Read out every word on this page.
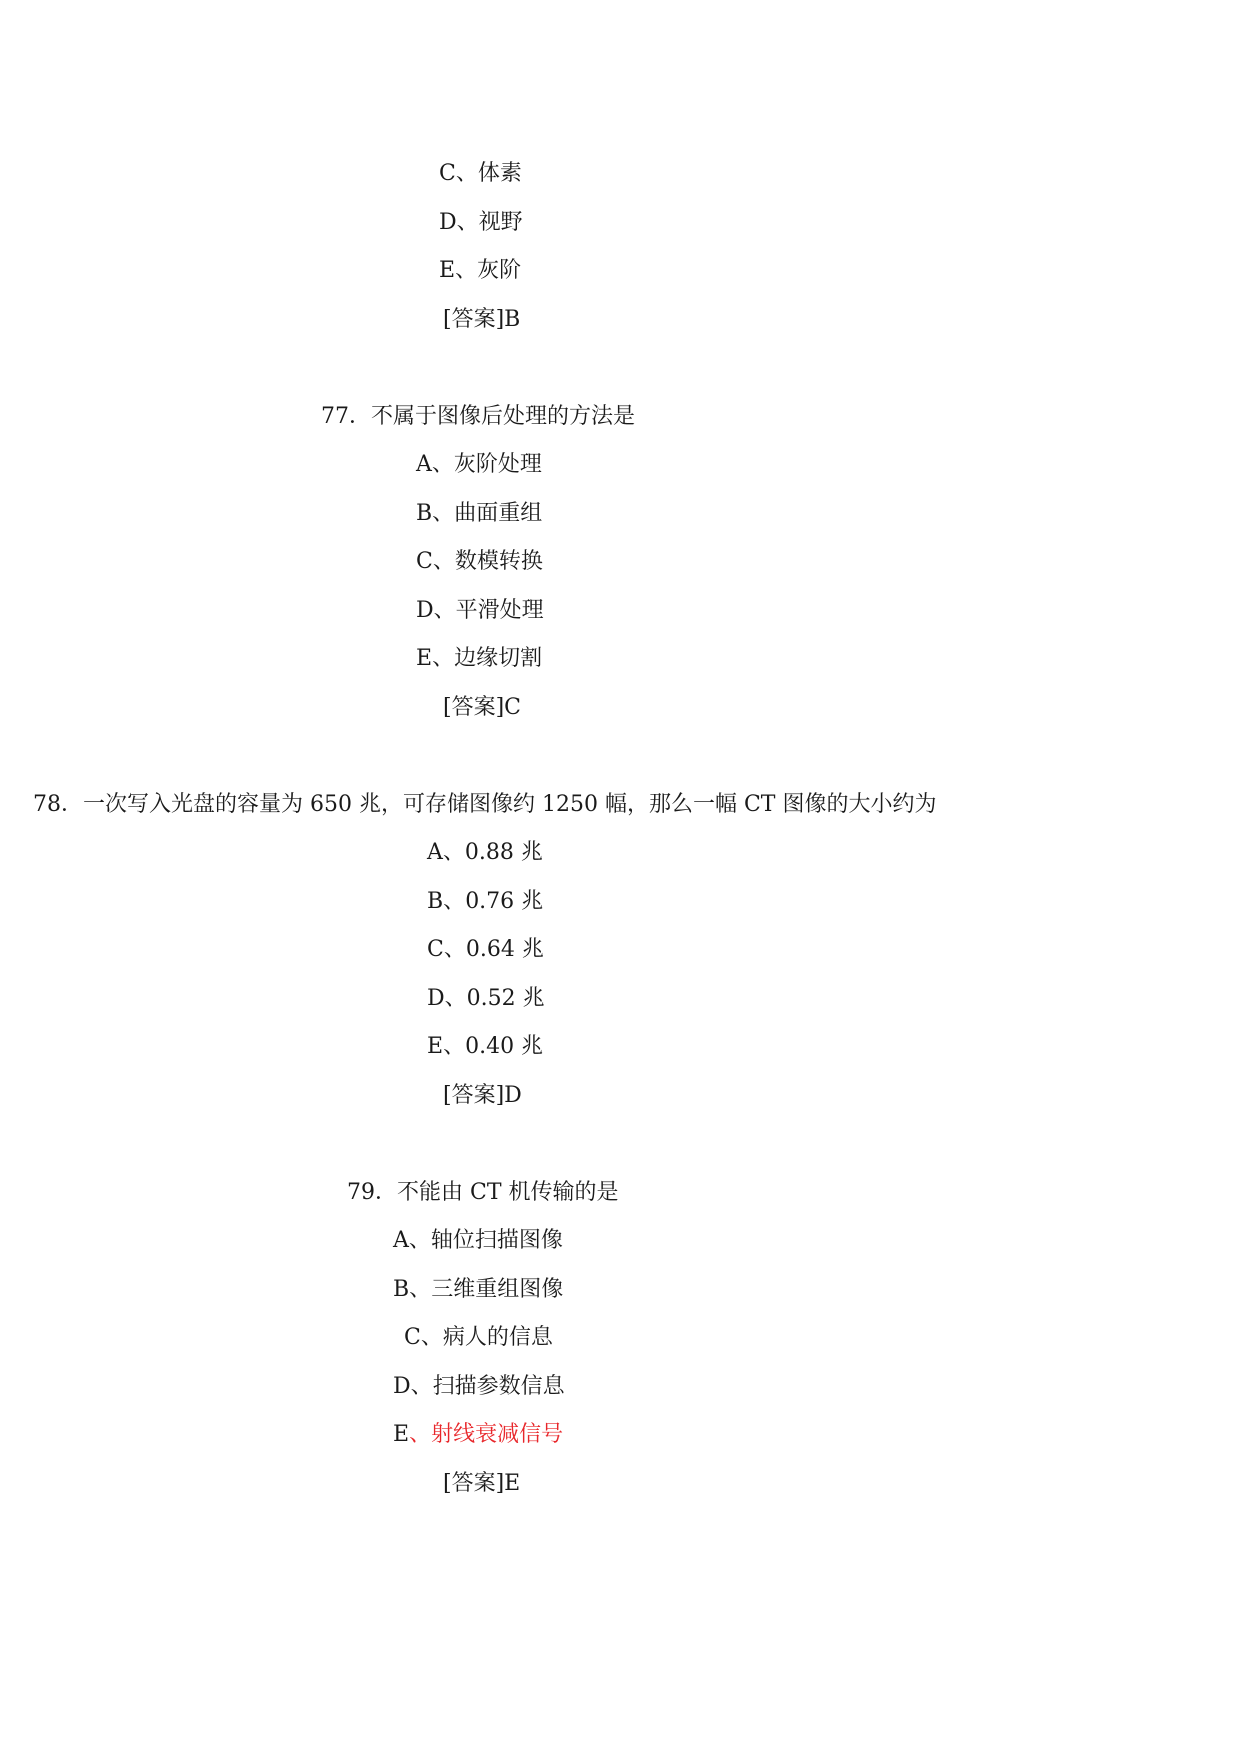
C、体素
D、视野
E、灰阶
[答案]B
77．不属于图像后处理的方法是
A、灰阶处理
B、曲面重组
C、数模转换
D、平滑处理
E、边缘切割
[答案]C
78．一次写入光盘的容量为 650 兆，可存储图像约 1250 幅，那么一幅 CT 图像的大小约为
A、0.88 兆
B、0.76 兆
C、0.64 兆
D、0.52 兆
E、0.40 兆
[答案]D
79．不能由 CT 机传输的是
A、轴位扫描图像
B、三维重组图像
C、病人的信息
D、扫描参数信息
E、射线衰减信号
[答案]E
